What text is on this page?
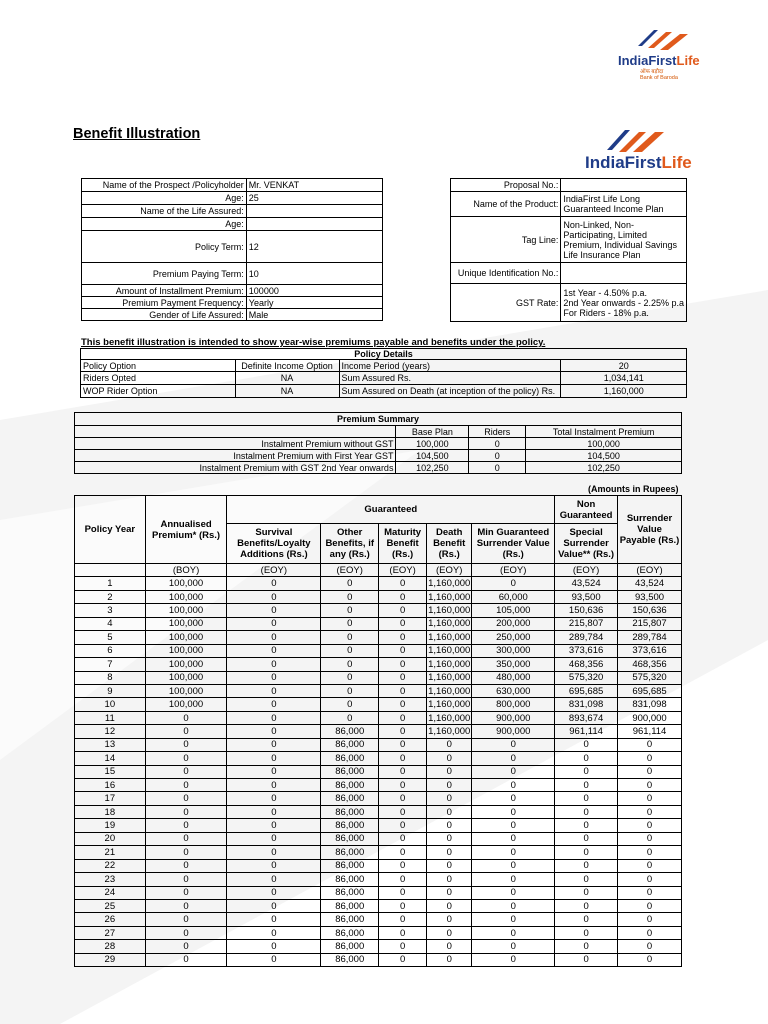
IndiaFirstLife
ऑफ बड़ौदा
Bank of Baroda
Benefit Illustration
IndiaFirstLife
Name of the Prospect /Policyholder	Mr. VENKAT
Age:	25
Name of the Life Assured:	
Age:	
Policy Term:	12
Premium Paying Term:	10
Amount of Installment Premium:	100000
Premium Payment Frequency:	Yearly
Gender of Life Assured:	Male
Proposal No.:	
Name of the Product:	IndiaFirst Life Long Guaranteed Income Plan
Tag Line:	Non-Linked, Non-Participating, Limited Premium, Individual Savings Life Insurance Plan
Unique Identification No.:	
GST Rate:	1st Year - 4.50% p.a.
2nd Year onwards - 2.25% p.a
For Riders - 18% p.a.
This benefit illustration is intended to show year-wise premiums payable and benefits under the policy.
Policy Details			
Policy Option	Definite Income Option	Income Period (years)	20
Riders Opted	NA	Sum Assured Rs.	1,034,141
WOP Rider Option	NA	Sum Assured on Death (at inception of the policy) Rs.	1,160,000
Premium Summary			
	Base Plan	Riders	Total Instalment Premium
Instalment Premium without GST	100,000	0	100,000
Instalment Premium with First Year GST	104,500	0	104,500
Instalment Premium with GST 2nd Year onwards	102,250	0	102,250
(Amounts in Rupees)
Policy Year	Annualised Premium* (Rs.)	Guaranteed					Non Guaranteed	Surrender Value Payable (Rs.)
		Survival Benefits/Loyalty Additions (Rs.)	Other Benefits, if any (Rs.)	Maturity Benefit (Rs.)	Death Benefit (Rs.)	Min Guaranteed Surrender Value (Rs.)	Special Surrender Value** (Rs.)	
	(BOY)	(EOY)	(EOY)	(EOY)	(EOY)	(EOY)	(EOY)	(EOY)
1	100,000	0	0	0	1,160,000	0	43,524	43,524
2	100,000	0	0	0	1,160,000	60,000	93,500	93,500
3	100,000	0	0	0	1,160,000	105,000	150,636	150,636
4	100,000	0	0	0	1,160,000	200,000	215,807	215,807
5	100,000	0	0	0	1,160,000	250,000	289,784	289,784
6	100,000	0	0	0	1,160,000	300,000	373,616	373,616
7	100,000	0	0	0	1,160,000	350,000	468,356	468,356
8	100,000	0	0	0	1,160,000	480,000	575,320	575,320
9	100,000	0	0	0	1,160,000	630,000	695,685	695,685
10	100,000	0	0	0	1,160,000	800,000	831,098	831,098
11	0	0	0	0	1,160,000	900,000	893,674	900,000
12	0	0	86,000	0	1,160,000	900,000	961,114	961,114
13	0	0	86,000	0	0	0	0	0
14	0	0	86,000	0	0	0	0	0
15	0	0	86,000	0	0	0	0	0
16	0	0	86,000	0	0	0	0	0
17	0	0	86,000	0	0	0	0	0
18	0	0	86,000	0	0	0	0	0
19	0	0	86,000	0	0	0	0	0
20	0	0	86,000	0	0	0	0	0
21	0	0	86,000	0	0	0	0	0
22	0	0	86,000	0	0	0	0	0
23	0	0	86,000	0	0	0	0	0
24	0	0	86,000	0	0	0	0	0
25	0	0	86,000	0	0	0	0	0
26	0	0	86,000	0	0	0	0	0
27	0	0	86,000	0	0	0	0	0
28	0	0	86,000	0	0	0	0	0
29	0	0	86,000	0	0	0	0	0
